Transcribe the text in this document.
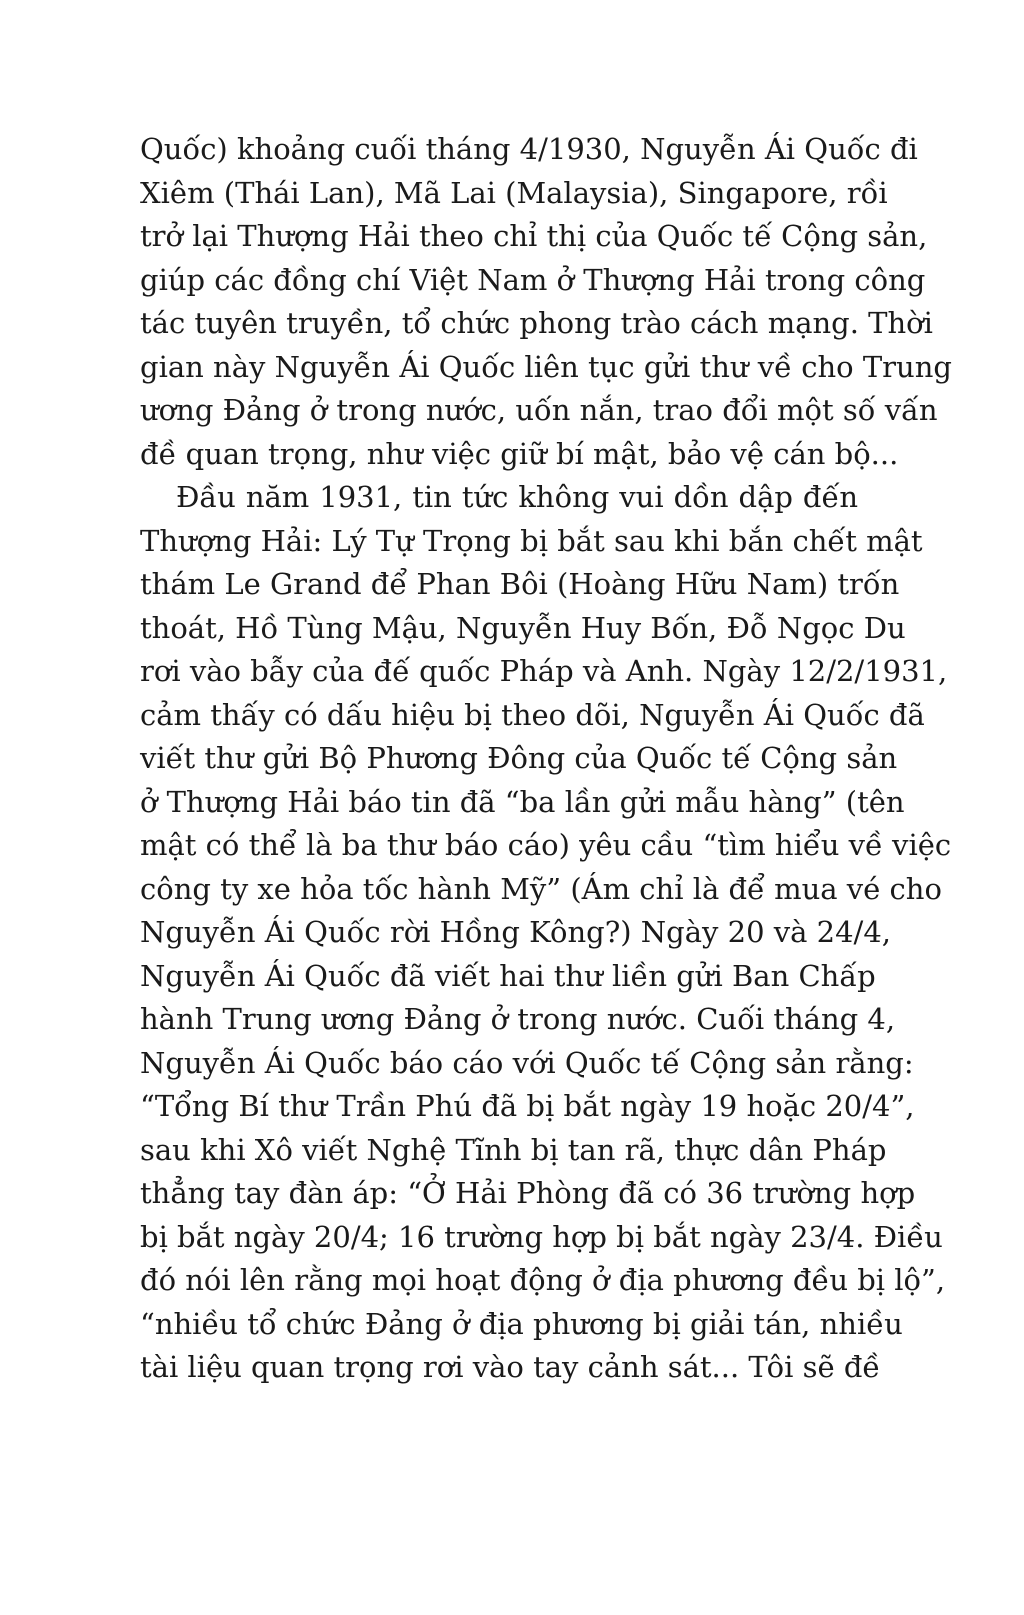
Quốc) khoảng cuối tháng 4/1930, Nguyễn Ái Quốc đi
Xiêm (Thái Lan), Mã Lai (Malaysia), Singapore, rồi
trở lại Thượng Hải theo chỉ thị của Quốc tế Cộng sản,
giúp các đồng chí Việt Nam ở Thượng Hải trong công
tác tuyên truyền, tổ chức phong trào cách mạng. Thời
gian này Nguyễn Ái Quốc liên tục gửi thư về cho Trung
ương Đảng ở trong nước, uốn nắn, trao đổi một số vấn
đề quan trọng, như việc giữ bí mật, bảo vệ cán bộ...
Đầu năm 1931, tin tức không vui dồn dập đến
Thượng Hải: Lý Tự Trọng bị bắt sau khi bắn chết mật
thám Le Grand để Phan Bôi (Hoàng Hữu Nam) trốn
thoát, Hồ Tùng Mậu, Nguyễn Huy Bốn, Đỗ Ngọc Du
rơi vào bẫy của đế quốc Pháp và Anh. Ngày 12/2/1931,
cảm thấy có dấu hiệu bị theo dõi, Nguyễn Ái Quốc đã
viết thư gửi Bộ Phương Đông của Quốc tế Cộng sản
ở Thượng Hải báo tin đã “ba lần gửi mẫu hàng” (tên
mật có thể là ba thư báo cáo) yêu cầu “tìm hiểu về việc
công ty xe hỏa tốc hành Mỹ” (Ám chỉ là để mua vé cho
Nguyễn Ái Quốc rời Hồng Kông?) Ngày 20 và 24/4,
Nguyễn Ái Quốc đã viết hai thư liền gửi Ban Chấp
hành Trung ương Đảng ở trong nước. Cuối tháng 4,
Nguyễn Ái Quốc báo cáo với Quốc tế Cộng sản rằng:
“Tổng Bí thư Trần Phú đã bị bắt ngày 19 hoặc 20/4”,
sau khi Xô viết Nghệ Tĩnh bị tan rã, thực dân Pháp
thẳng tay đàn áp: “Ở Hải Phòng đã có 36 trường hợp
bị bắt ngày 20/4; 16 trường hợp bị bắt ngày 23/4. Điều
đó nói lên rằng mọi hoạt động ở địa phương đều bị lộ”,
“nhiều tổ chức Đảng ở địa phương bị giải tán, nhiều
tài liệu quan trọng rơi vào tay cảnh sát... Tôi sẽ đề
